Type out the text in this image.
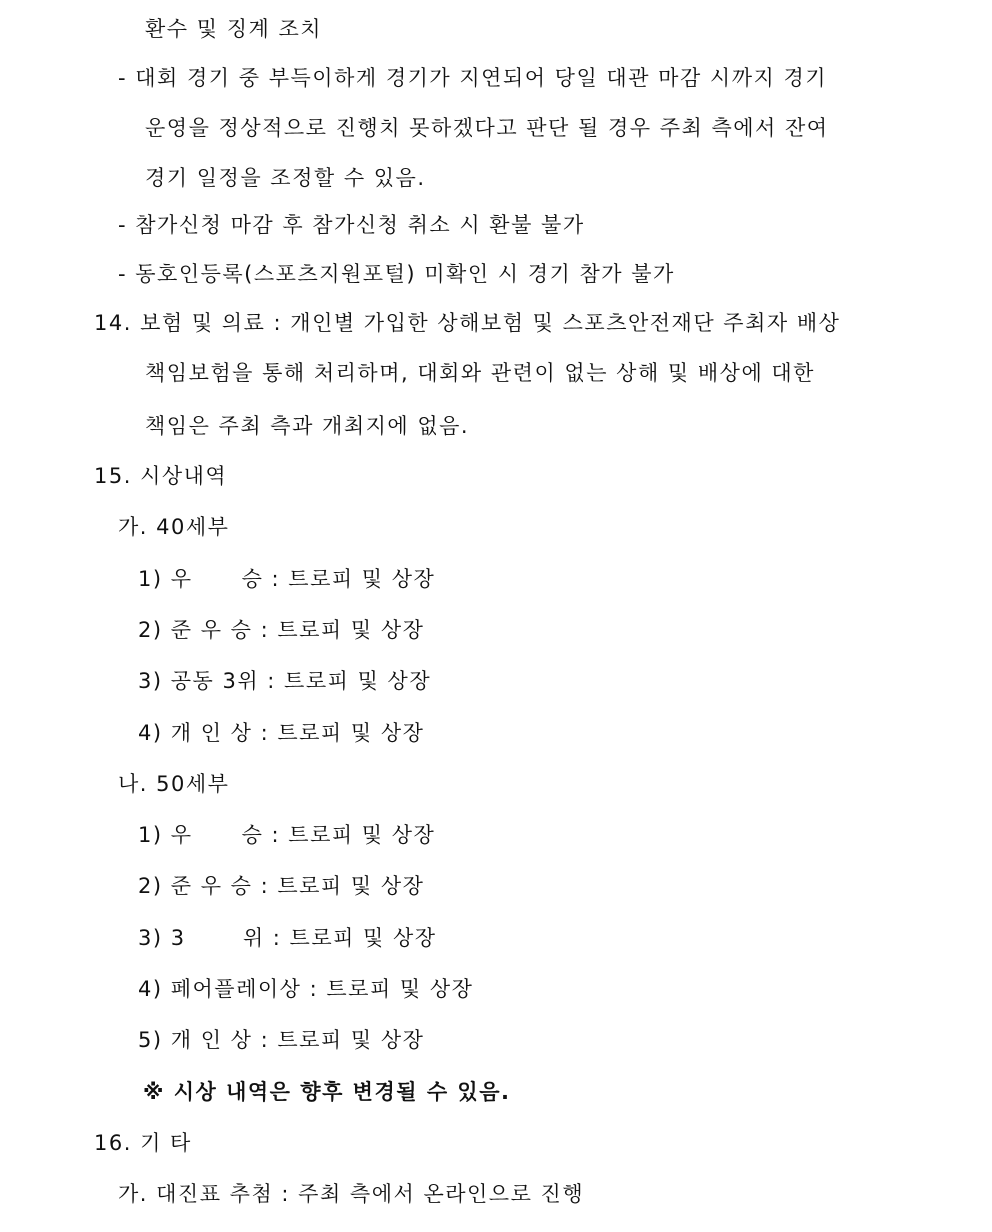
환수 및 징계 조치
- 대회 경기 중 부득이하게 경기가 지연되어 당일 대관 마감 시까지 경기
운영을 정상적으로 진행치 못하겠다고 판단 될 경우 주최 측에서 잔여
경기 일정을 조정할 수 있음.
- 참가신청 마감 후 참가신청 취소 시 환불 불가
- 동호인등록(스포츠지원포털) 미확인 시 경기 참가 불가
14. 보험 및 의료 : 개인별 가입한 상해보험 및 스포츠안전재단 주최자 배상
책임보험을 통해 처리하며, 대회와 관련이 없는 상해 및 배상에 대한
책임은 주최 측과 개최지에 없음.
15. 시상내역
가. 40세부
1) 우      승 : 트로피 및 상장
2) 준 우 승 : 트로피 및 상장
3) 공동 3위 : 트로피 및 상장
4) 개 인 상 : 트로피 및 상장
나. 50세부
1) 우      승 : 트로피 및 상장
2) 준 우 승 : 트로피 및 상장
3) 3       위 : 트로피 및 상장
4) 페어플레이상 : 트로피 및 상장
5) 개 인 상 : 트로피 및 상장
※ 시상 내역은 향후 변경될 수 있음.
16. 기 타
가. 대진표 추첨 : 주최 측에서 온라인으로 진행
